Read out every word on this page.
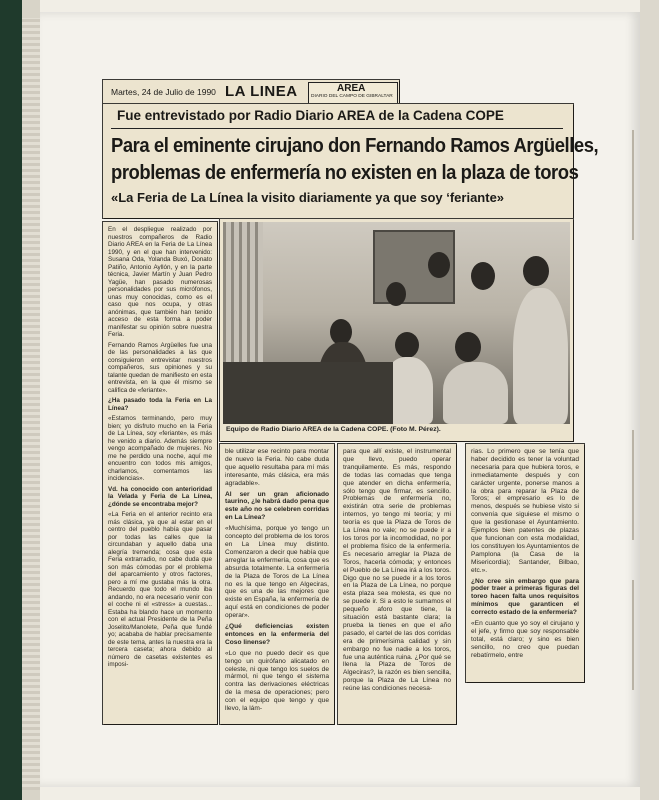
Martes, 24 de Julio de 1990 LA LINEA	AREA
DIARIO DEL CAMPO DE GIBRALTAR
Fue entrevistado por Radio Diario AREA de la Cadena COPE
Para el eminente cirujano don Fernando Ramos Argüelles,
problemas de enfermería no existen en la plaza de toros
«La Feria de La Línea la visito diariamente ya que soy ‘feriante»

En el despliegue realizado por nuestros compañeros de Radio Diario AREA en la Feria de La Línea 1990, y en el que han intervenido: Susana Oda, Yolanda Buxó, Donato Patiño, Antonio Ayllón, y en la parte técnica, Javier Martín y Juan Pedro Yagüe, han pasado numerosas personalidades por sus micrófonos, unas muy conocidas, como es el caso que nos ocupa, y otras anónimas, que también han tenido acceso de esta forma a poder manifestar su opinión sobre nuestra Feria.

Fernando Ramos Argüelles fue una de las personalidades a las que consiguieron entrevistar nuestros compañeros, sus opiniones y su talante quedan de manifiesto en esta entrevista, en la que él mismo se califica de «feriante».

¿Ha pasado toda la Feria en La Línea?

«Estamos terminando, pero muy bien; yo disfruto mucho en la Feria de La Línea, soy «feriante», es más he venido a diario. Además siempre vengo acompañado de mujeres. No me he perdido una noche, aquí me encuentro con todos mis amigos, charlamos, comentamos las incidencias».

Vd. ha conocido con anterioridad la Velada y Feria de La Línea, ¿dónde se encontraba mejor?

«La Feria en el anterior recinto era más clásica, ya que al estar en el centro del pueblo había que pasar por todas las calles que la circundaban y aquello daba una alegría tremenda; cosa que esta Feria extrarradio, no cabe duda que son más cómodas por el problema del aparcamiento y otros factores, pero a mí me gustaba más la otra. Recuerdo que todo el mundo iba andando, no era necesario venir con el coche ni el «stress» a cuestas... Estaba ha blando hace un momento con el actual Presidente de la Peña Joselito/Manolete, Peña que fundé yo; acababa de hablar precisamente de este tema, antes la nuestra era la tercera caseta; ahora debido al número de casetas existentes es imposi-

Equipo de Radio Diario AREA de la Cadena COPE. (Foto M. Pérez).

ble utilizar ese recinto para montar de nuevo la Feria. No cabe duda que aquello resultaba para mí más interesante, más clásica, era más agradable».

Al ser un gran aficionado taurino, ¿le habrá dado pena que este año no se celebren corridas en La Línea?

«Muchísima, porque yo tengo un concepto del problema de los toros en La Línea muy distinto. Comenzaron a decir que había que arreglar la enfermería, cosa que es absurda totalmente. La enfermería de la Plaza de Toros de La Línea no es la que tengo en Algeciras, que es una de las mejores que existe en España, la enfermería de aquí está en condiciones de poder operar».

¿Qué deficiencias existen entonces en la enfermería del Coso linense?

«Lo que no puedo decir es que tengo un quirófano alicatado en celeste, ni que tengo los suelos de mármol, ni que tengo el sistema contra las derivaciones eléctricas de la mesa de operaciones; pero con el equipo que tengo y que llevo, la lám-

para que allí existe, el instrumental que llevo, puedo operar tranquilamente. Es más, respondo de todas las cornadas que tenga que atender en dicha enfermería, sólo tengo que firmar, es sencillo. Problemas de enfermería no, existirán otra serie de problemas internos, yo tengo mi teoría; y mi teoría es que la Plaza de Toros de La Línea no vale; no se puede ir a los toros por la incomodidad, no por el problema físico de la enfermería. Es necesario arreglar la Plaza de Toros, hacerla cómoda; y entonces el Pueblo de La Línea irá a los toros. Digo que no se puede ir a los toros en la Plaza de La Línea, no porque esta plaza sea molesta, es que no se puede ir. Si a esto le sumamos el pequeño aforo que tiene, la situación está bastante clara; la prueba la tienes en que el año pasado, el cartel de las dos corridas era de primerísima calidad y sin embargo no fue nadie a los toros, fue una auténtica ruina. ¿Por qué se llena la Plaza de Toros de Algeciras?, la razón es bien sencilla, porque la Plaza de La Línea no reúne las condiciones necesa-

rias. Lo primero que se tenía que haber decidido es tener la voluntad necesaria para que hubiera toros, e inmediatamente después y con carácter urgente, ponerse manos a la obra para reparar la Plaza de Toros; el empresario es lo de menos, después se hubiese visto si convenía que siguiese el mismo o que la gestionase el Ayuntamiento. Ejemplos bien patentes de plazas que funcionan con esta modalidad, los constituyen los Ayuntamientos de Pamplona (la Casa de la Misericordia); Santander, Bilbao, etc.».

¿No cree sin embargo que para poder traer a primeras figuras del toreo hacen falta unos requisitos mínimos que garanticen el correcto estado de la enfermería?

«En cuanto que yo soy el cirujano y el jefe, y firmo que soy responsable total, está claro; y sino es bien sencillo, no creo que puedan rebatírmelo, entre
